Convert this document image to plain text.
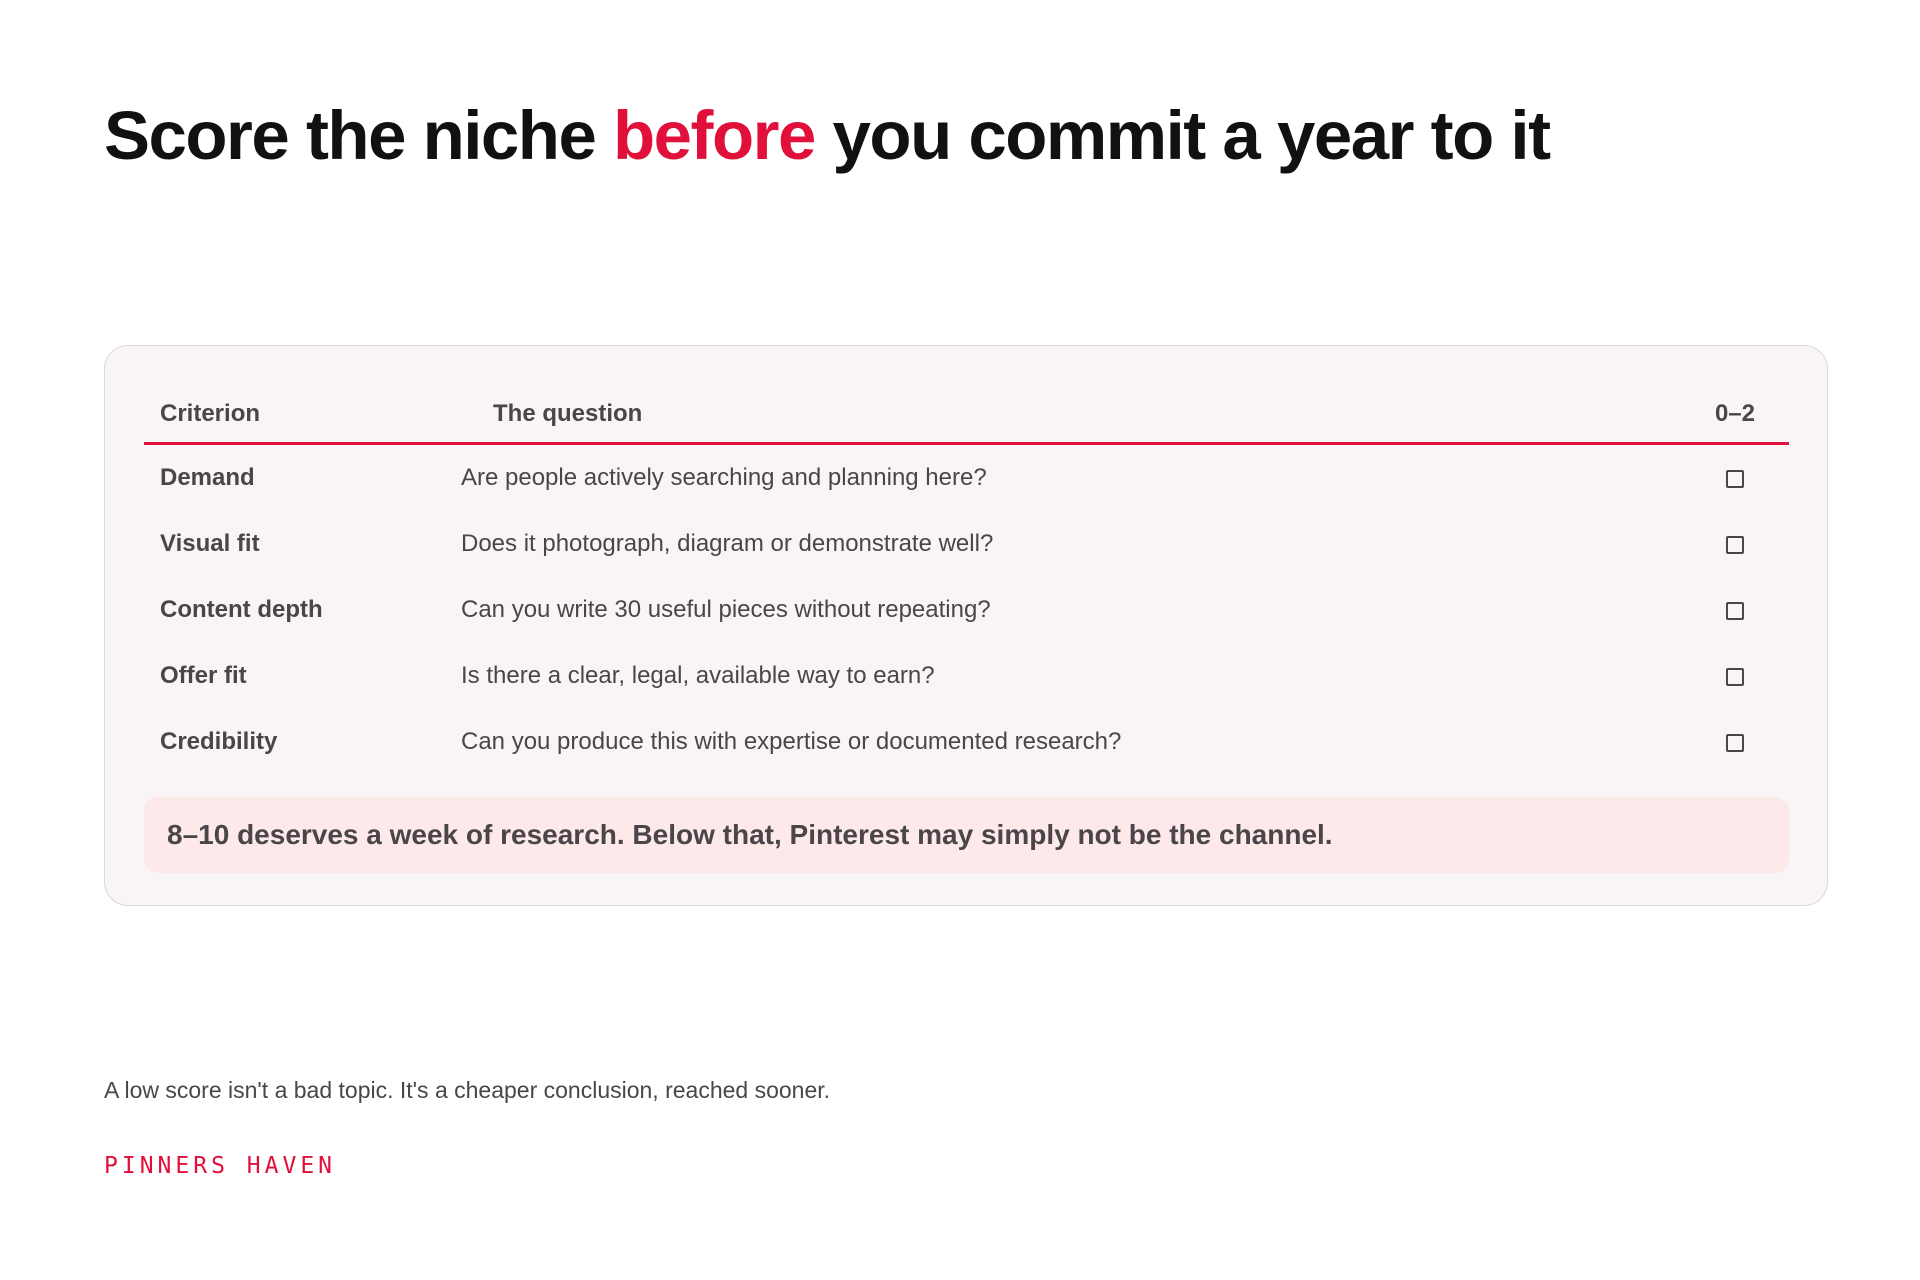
Score the niche before you commit a year to it
Criterion	The question	0–2
Demand	Are people actively searching and planning here?	
Visual fit	Does it photograph, diagram or demonstrate well?	
Content depth	Can you write 30 useful pieces without repeating?	
Offer fit	Is there a clear, legal, available way to earn?	
Credibility	Can you produce this with expertise or documented research?	
8–10 deserves a week of research. Below that, Pinterest may simply not be the channel.

A low score isn't a bad topic. It's a cheaper conclusion, reached sooner.

PINNERS HAVEN
